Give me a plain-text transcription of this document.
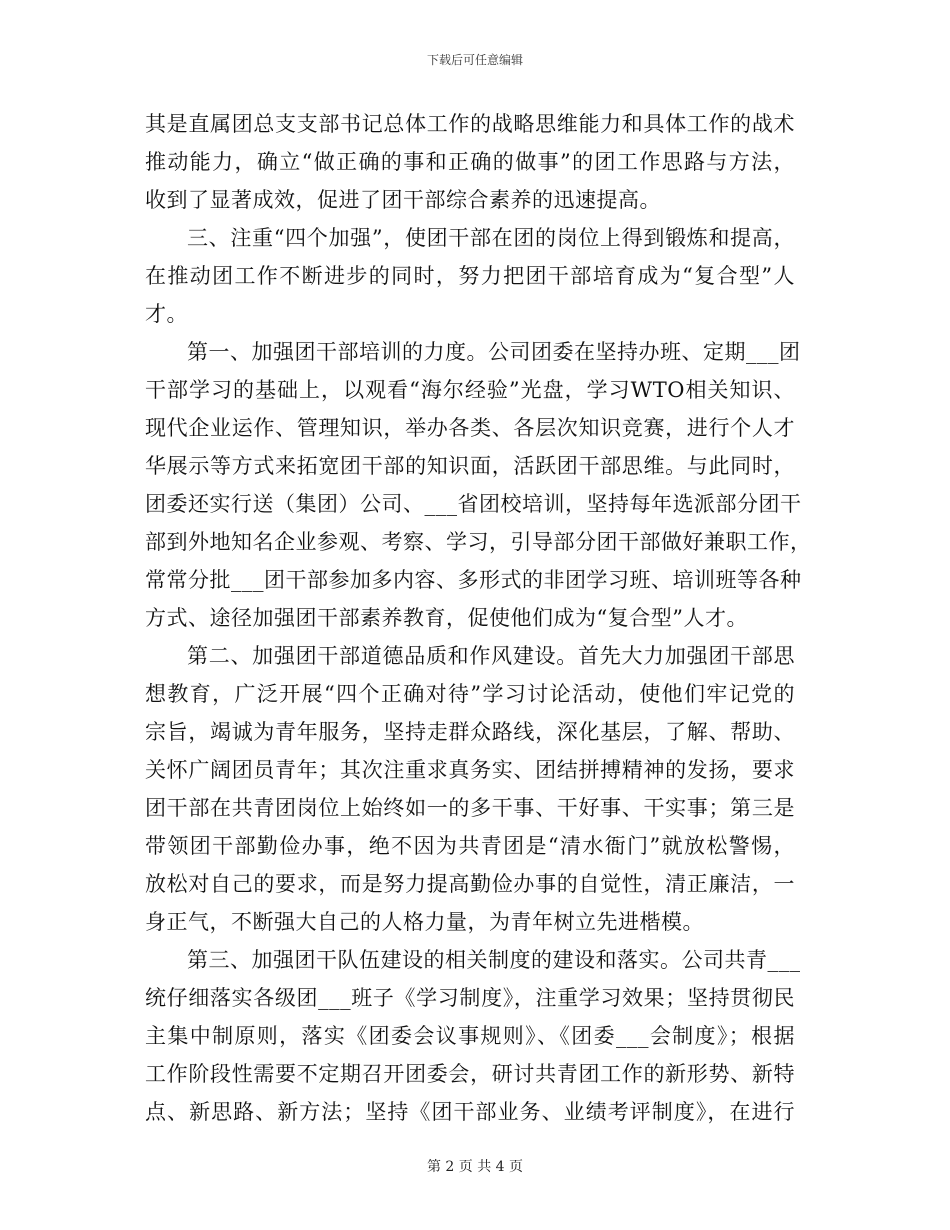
下载后可任意编辑
其是直属团总支支部书记总体工作的战略思维能力和具体工作的战术
推动能力，确立“做正确的事和正确的做事”的团工作思路与方法，
收到了显著成效，促进了团干部综合素养的迅速提高。
三、注重“四个加强”，使团干部在团的岗位上得到锻炼和提高，
在推动团工作不断进步的同时，努力把团干部培育成为“复合型”人
才。
第一、加强团干部培训的力度。公司团委在坚持办班、定期___团
干部学习的基础上，以观看“海尔经验”光盘，学习WTO相关知识、
现代企业运作、管理知识，举办各类、各层次知识竞赛，进行个人才
华展示等方式来拓宽团干部的知识面，活跃团干部思维。与此同时，
团委还实行送（集团）公司、___省团校培训，坚持每年选派部分团干
部到外地知名企业参观、考察、学习，引导部分团干部做好兼职工作，
常常分批___团干部参加多内容、多形式的非团学习班、培训班等各种
方式、途径加强团干部素养教育，促使他们成为“复合型”人才。
第二、加强团干部道德品质和作风建设。首先大力加强团干部思
想教育，广泛开展“四个正确对待”学习讨论活动，使他们牢记党的
宗旨，竭诚为青年服务，坚持走群众路线，深化基层，了解、帮助、
关怀广阔团员青年；其次注重求真务实、团结拼搏精神的发扬，要求
团干部在共青团岗位上始终如一的多干事、干好事、干实事；第三是
带领团干部勤俭办事，绝不因为共青团是“清水衙门”就放松警惕，
放松对自己的要求，而是努力提高勤俭办事的自觉性，清正廉洁，一
身正气，不断强大自己的人格力量，为青年树立先进楷模。
第三、加强团干队伍建设的相关制度的建设和落实。公司共青___
统仔细落实各级团___班子《学习制度》，注重学习效果；坚持贯彻民
主集中制原则，落实《团委会议事规则》、《团委___会制度》；根据
工作阶段性需要不定期召开团委会，研讨共青团工作的新形势、新特
点、新思路、新方法；坚持《团干部业务、业绩考评制度》，在进行
第 2 页 共 4 页
